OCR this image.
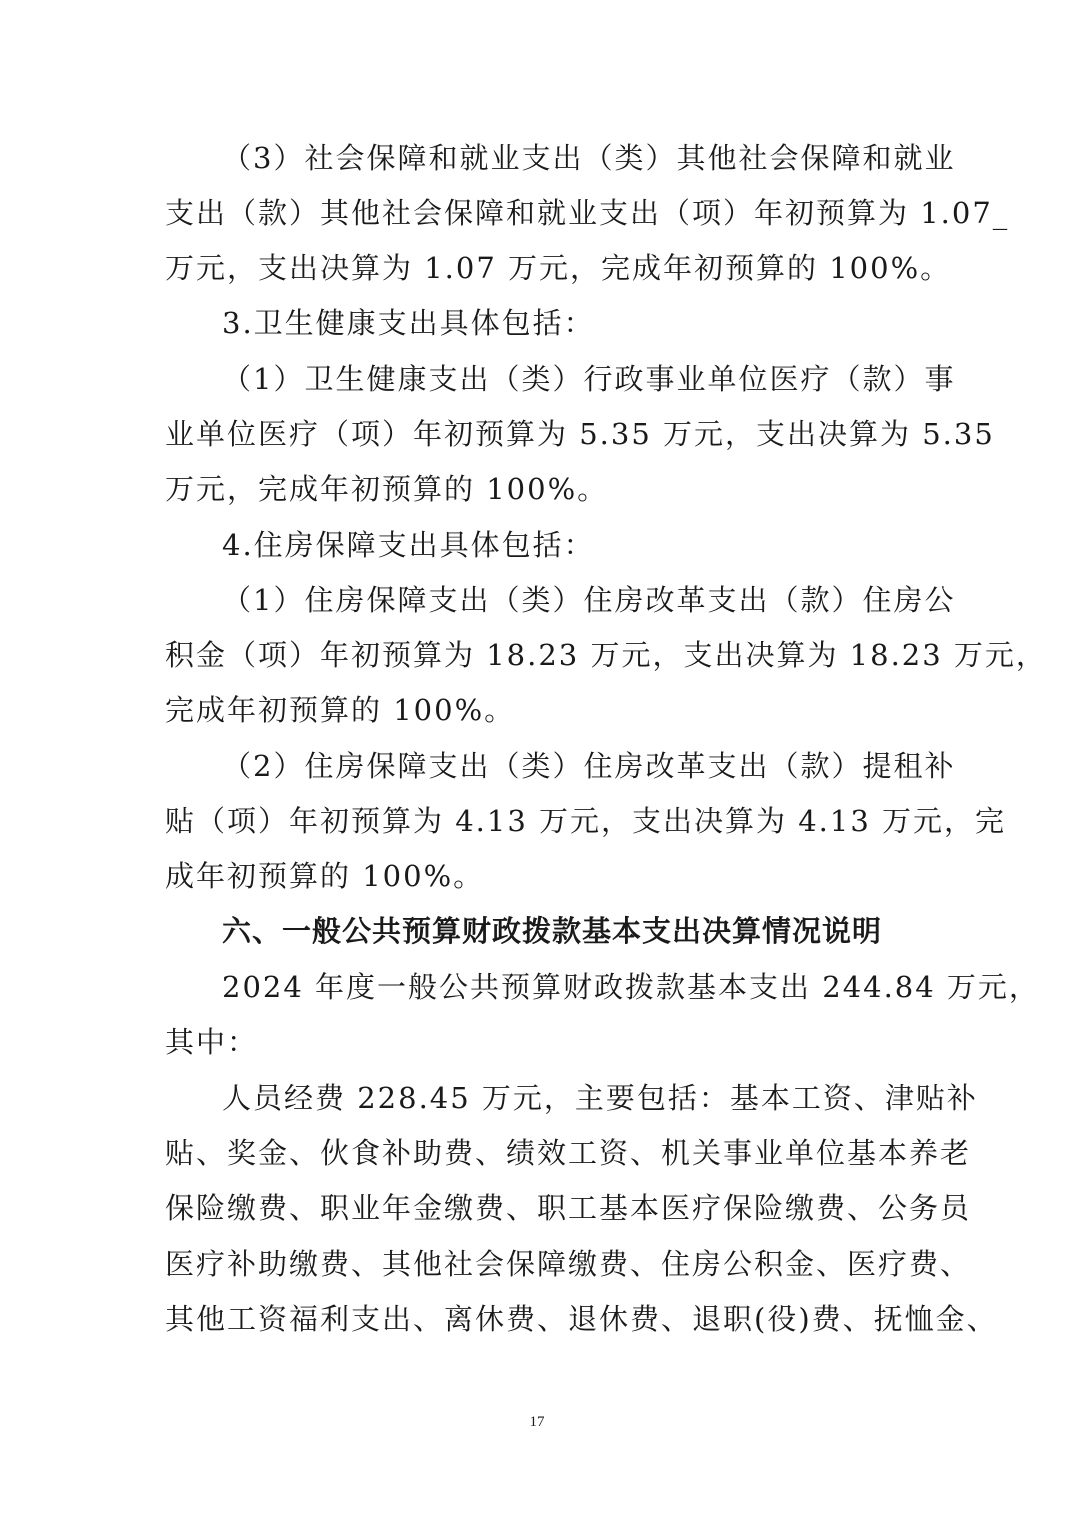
（3）社会保障和就业支出（类）其他社会保障和就业
支出（款）其他社会保障和就业支出（项）年初预算为 1.07_
万元，支出决算为 1.07 万元，完成年初预算的 100%。
3.卫生健康支出具体包括：
（1）卫生健康支出（类）行政事业单位医疗（款）事
业单位医疗（项）年初预算为 5.35 万元，支出决算为 5.35
万元，完成年初预算的 100%。
4.住房保障支出具体包括：
（1）住房保障支出（类）住房改革支出（款）住房公
积金（项）年初预算为 18.23 万元，支出决算为 18.23 万元，
完成年初预算的 100%。
（2）住房保障支出（类）住房改革支出（款）提租补
贴（项）年初预算为 4.13 万元，支出决算为 4.13 万元，完
成年初预算的 100%。
六、一般公共预算财政拨款基本支出决算情况说明
2024 年度一般公共预算财政拨款基本支出 244.84 万元，
其中：
人员经费 228.45 万元，主要包括：基本工资、津贴补
贴、奖金、伙食补助费、绩效工资、机关事业单位基本养老
保险缴费、职业年金缴费、职工基本医疗保险缴费、公务员
医疗补助缴费、其他社会保障缴费、住房公积金、医疗费、
其他工资福利支出、离休费、退休费、退职(役)费、抚恤金、
17
